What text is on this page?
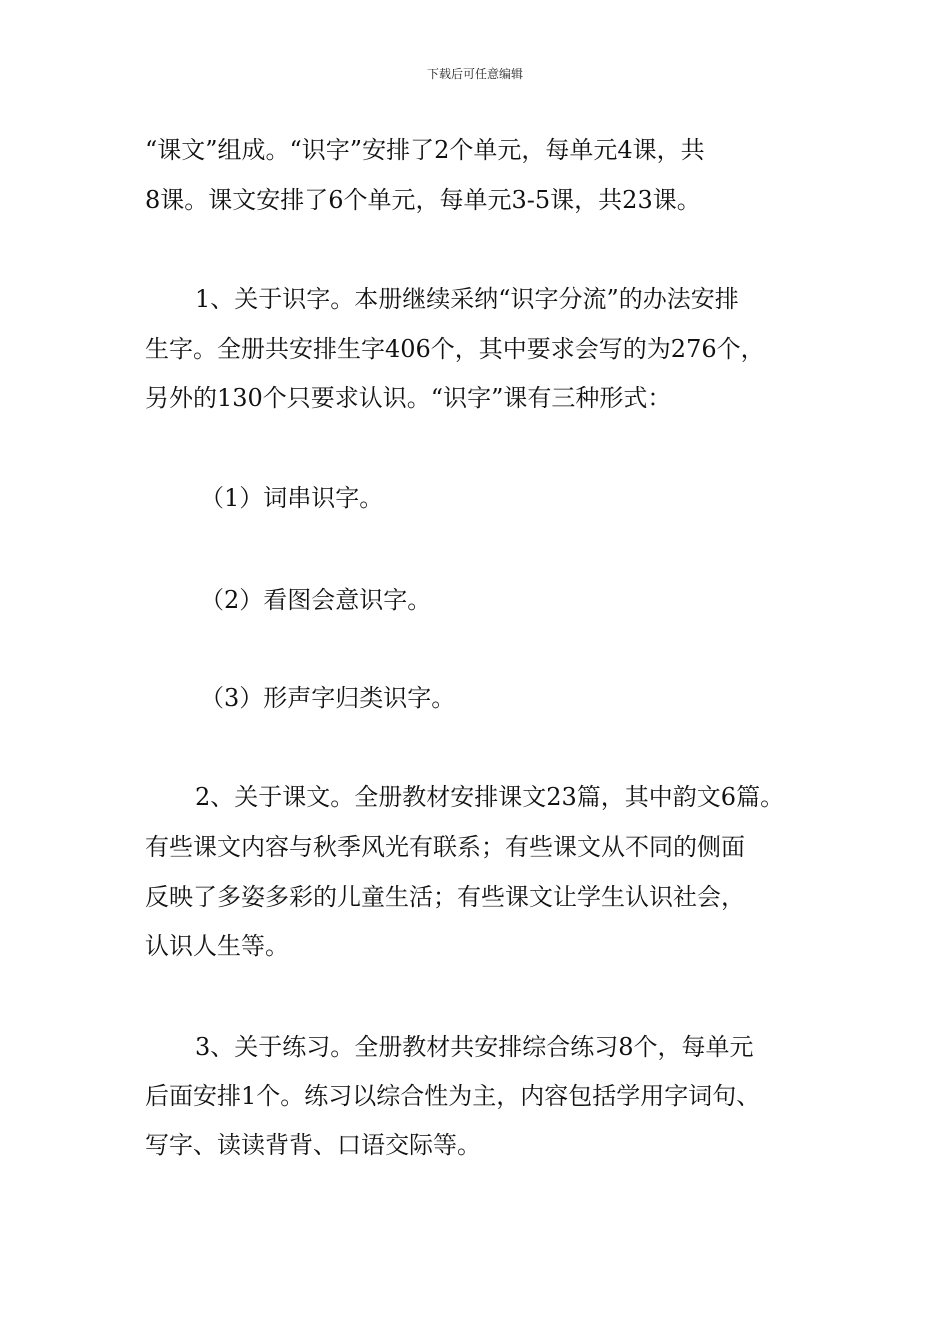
下载后可任意编辑
“课文”组成。“识字”安排了2个单元，每单元4课，共
8课。课文安排了6个单元，每单元3-5课，共23课。
1、关于识字。本册继续采纳“识字分流”的办法安排
生字。全册共安排生字406个，其中要求会写的为276个，
另外的130个只要求认识。“识字”课有三种形式：
（1）词串识字。
（2）看图会意识字。
（3）形声字归类识字。
2、关于课文。全册教材安排课文23篇，其中韵文6篇。
有些课文内容与秋季风光有联系；有些课文从不同的侧面
反映了多姿多彩的儿童生活；有些课文让学生认识社会，
认识人生等。
3、关于练习。全册教材共安排综合练习8个，每单元
后面安排1个。练习以综合性为主，内容包括学用字词句、
写字、读读背背、口语交际等。
